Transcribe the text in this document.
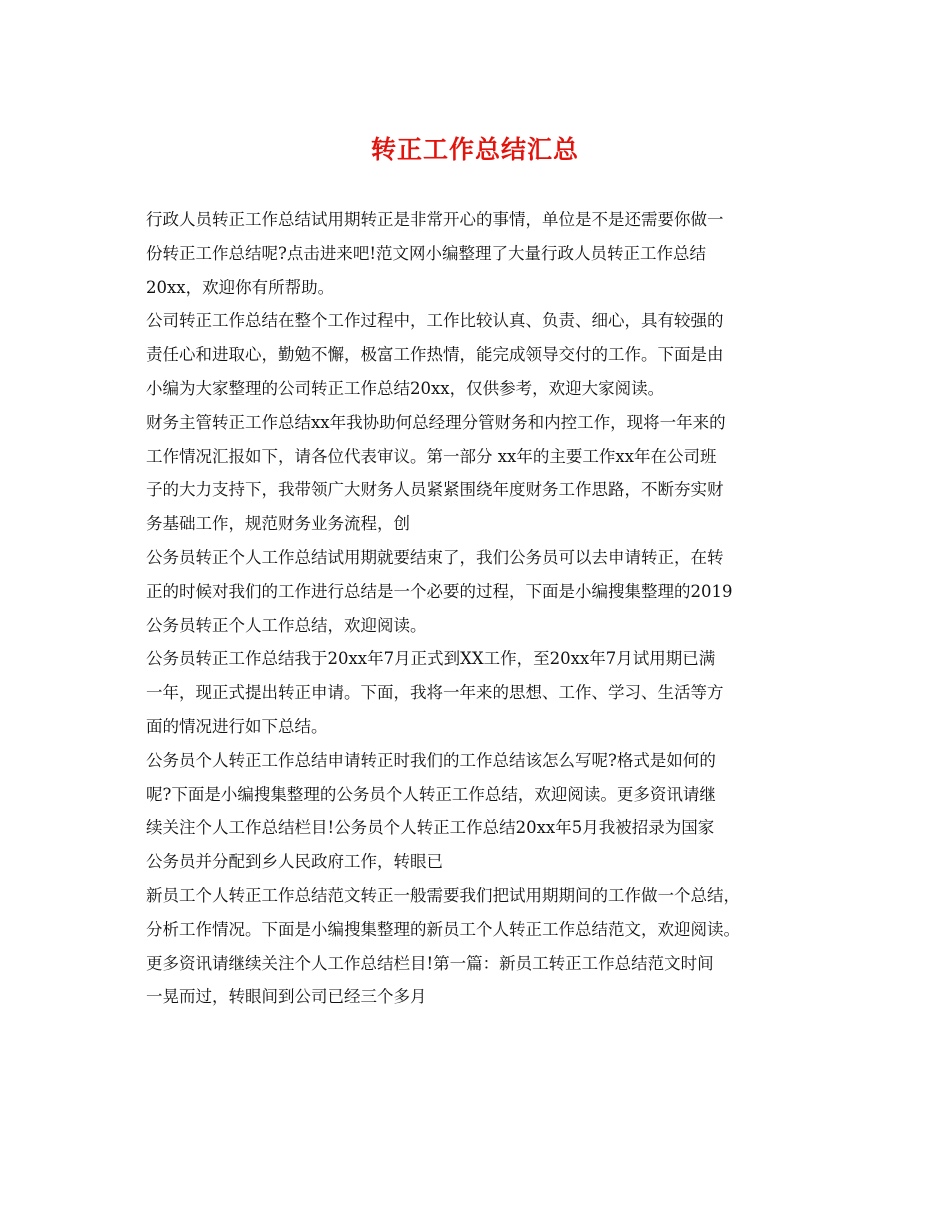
转正工作总结汇总
行政人员转正工作总结试用期转正是非常开心的事情，单位是不是还需要你做一
份转正工作总结呢?点击进来吧!范文网小编整理了大量行政人员转正工作总结
20xx，欢迎你有所帮助。
公司转正工作总结在整个工作过程中，工作比较认真、负责、细心，具有较强的
责任心和进取心，勤勉不懈，极富工作热情，能完成领导交付的工作。下面是由
小编为大家整理的公司转正工作总结20xx，仅供参考，欢迎大家阅读。
财务主管转正工作总结xx年我协助何总经理分管财务和内控工作，现将一年来的
工作情况汇报如下，请各位代表审议。第一部分 xx年的主要工作xx年在公司班
子的大力支持下，我带领广大财务人员紧紧围绕年度财务工作思路，不断夯实财
务基础工作，规范财务业务流程，创
公务员转正个人工作总结试用期就要结束了，我们公务员可以去申请转正，在转
正的时候对我们的工作进行总结是一个必要的过程，下面是小编搜集整理的2019
公务员转正个人工作总结，欢迎阅读。
公务员转正工作总结我于20xx年7月正式到XX工作，至20xx年7月试用期已满
一年，现正式提出转正申请。下面，我将一年来的思想、工作、学习、生活等方
面的情况进行如下总结。
公务员个人转正工作总结申请转正时我们的工作总结该怎么写呢?格式是如何的
呢?下面是小编搜集整理的公务员个人转正工作总结，欢迎阅读。更多资讯请继
续关注个人工作总结栏目!公务员个人转正工作总结20xx年5月我被招录为国家
公务员并分配到乡人民政府工作，转眼已
新员工个人转正工作总结范文转正一般需要我们把试用期期间的工作做一个总结，
分析工作情况。下面是小编搜集整理的新员工个人转正工作总结范文，欢迎阅读。
更多资讯请继续关注个人工作总结栏目!第一篇：新员工转正工作总结范文时间
一晃而过，转眼间到公司已经三个多月
